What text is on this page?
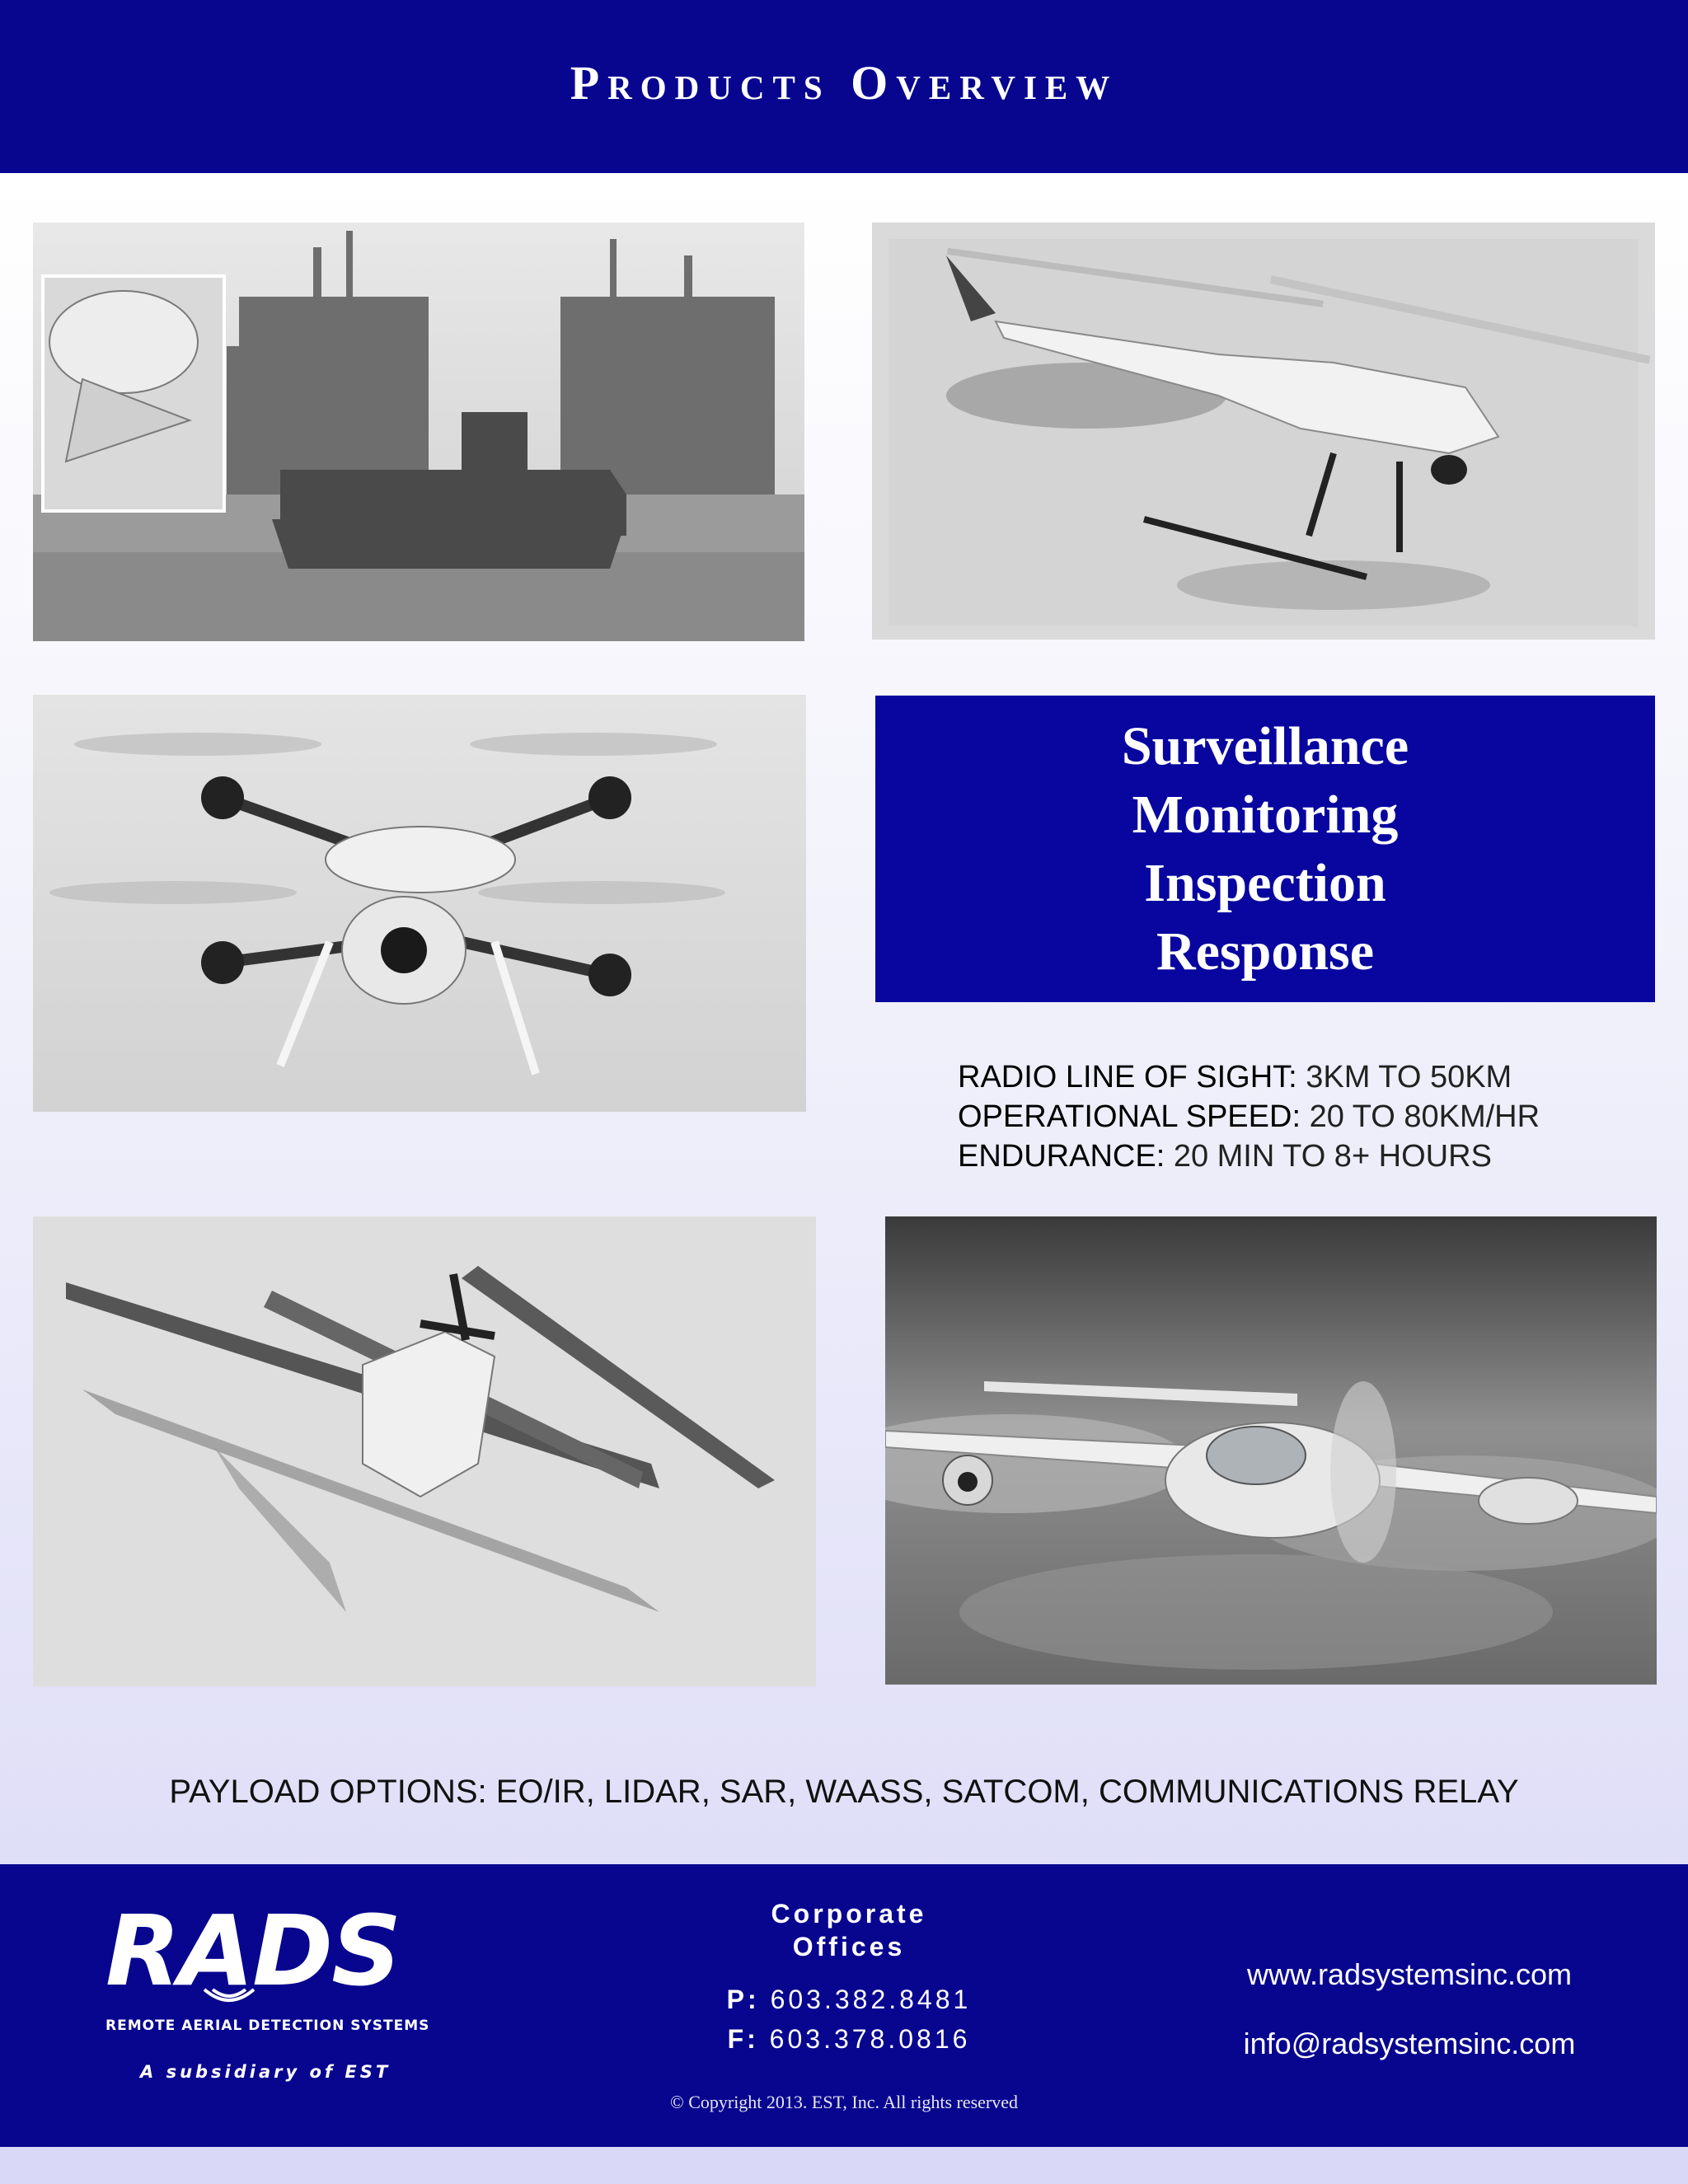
Products Overview
Surveillance
Monitoring
Inspection
Response
RADIO LINE OF SIGHT: 3KM TO 50KM
OPERATIONAL SPEED: 20 TO 80KM/HR
ENDURANCE: 20 MIN TO 8+ HOURS
PAYLOAD OPTIONS: EO/IR, LIDAR, SAR, WAASS, SATCOM, COMMUNICATIONS RELAY
RADS
REMOTE AERIAL DETECTION SYSTEMS
A subsidiary of EST
Corporate
Offices
P: 603.382.8481
F: 603.378.0816
www.radsystemsinc.com
info@radsystemsinc.com
© Copyright 2013. EST, Inc. All rights reserved
